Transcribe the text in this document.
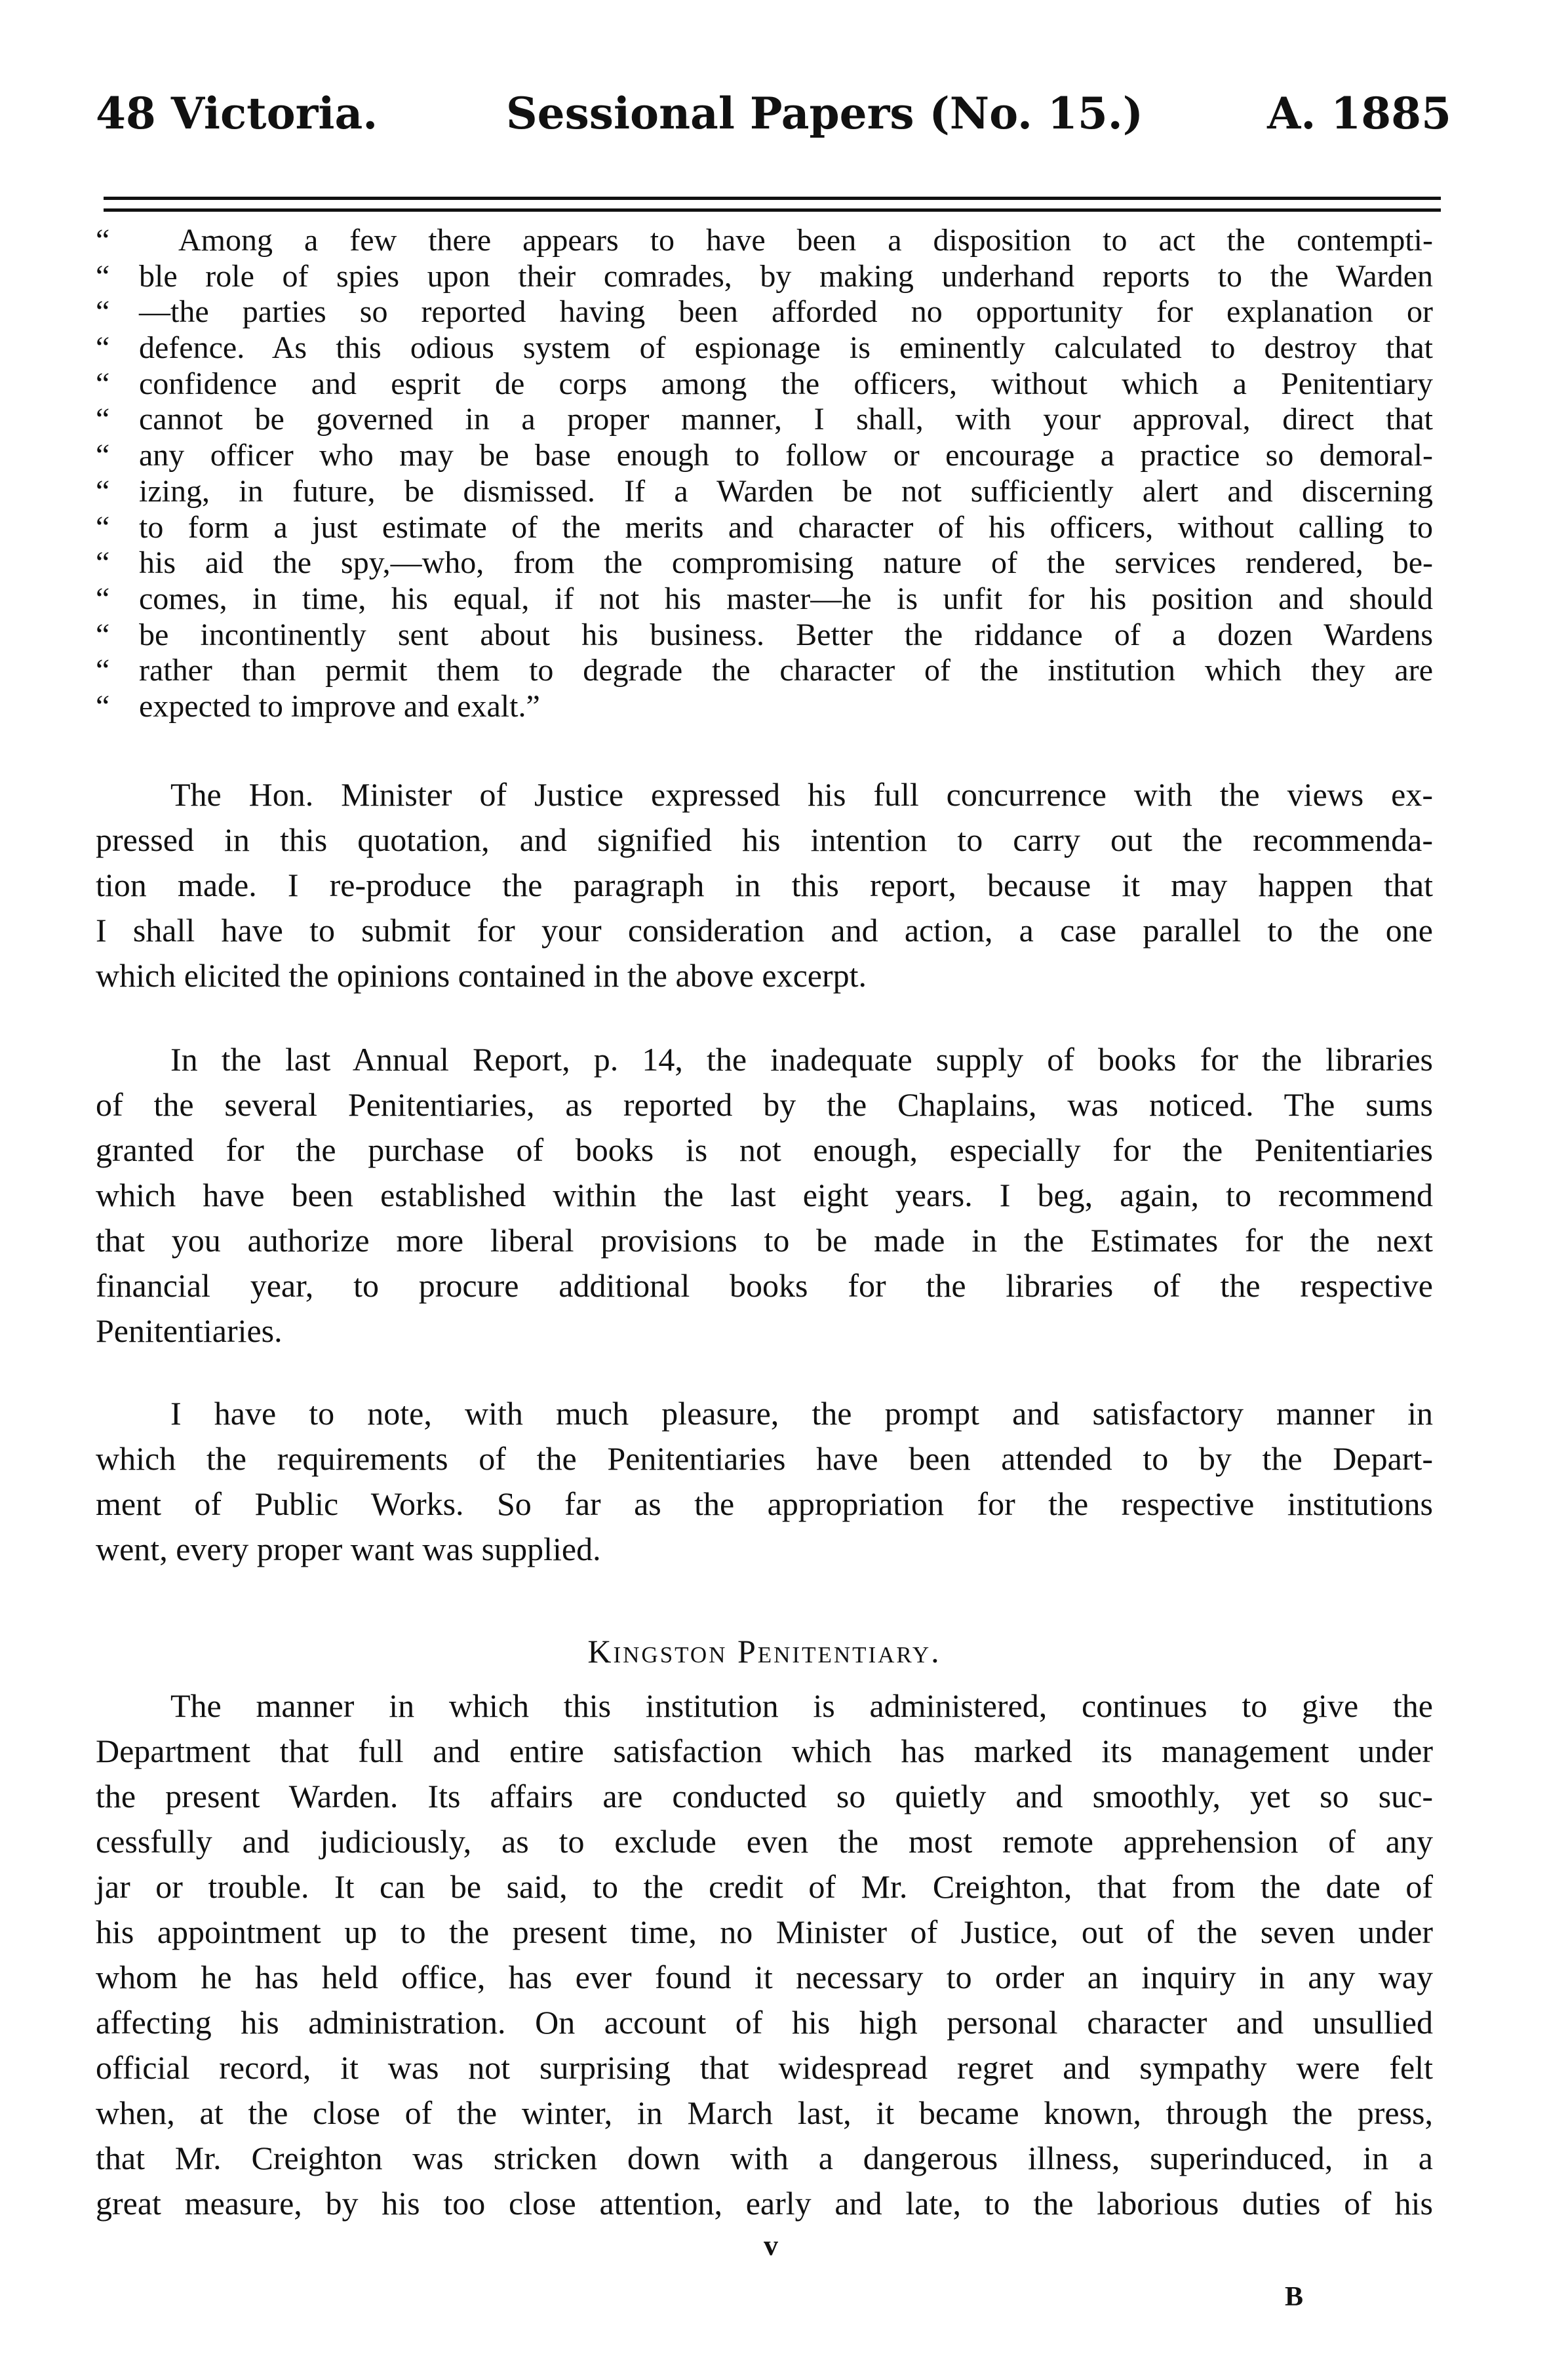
48 Victoria.	Sessional Papers (No. 15.)	A. 1885
“	Among a few there appears to have been a disposition to act the contempti-
“ ble role of spies upon their comrades, by making underhand reports to the Warden
“ —the parties so reported having been afforded no opportunity for explanation or
“ defence. As this odious system of espionage is eminently calculated to destroy that
“ confidence and esprit de corps among the officers, without which a Penitentiary
“ cannot be governed in a proper manner, I shall, with your approval, direct that
“ any officer who may be base enough to follow or encourage a practice so demoral-
“ izing, in future, be dismissed. If a Warden be not sufficiently alert and discerning
“ to form a just estimate of the merits and character of his officers, without calling to
“ his aid the spy,—who, from the compromising nature of the services rendered, be-
“ comes, in time, his equal, if not his master—he is unfit for his position and should
“ be incontinently sent about his business. Better the riddance of a dozen Wardens
“ rather than permit them to degrade the character of the institution which they are
“ expected to improve and exalt.”
The Hon. Minister of Justice expressed his full concurrence with the views ex-
pressed in this quotation, and signified his intention to carry out the recommenda-
tion made. I re-produce the paragraph in this report, because it may happen that
I shall have to submit for your consideration and action, a case parallel to the one
which elicited the opinions contained in the above excerpt.
In the last Annual Report, p. 14, the inadequate supply of books for the libraries
of the several Penitentiaries, as reported by the Chaplains, was noticed. The sums
granted for the purchase of books is not enough, especially for the Penitentiaries
which have been established within the last eight years. I beg, again, to recommend
that you authorize more liberal provisions to be made in the Estimates for the next
financial year, to procure additional books for the libraries of the respective
Penitentiaries.
I have to note, with much pleasure, the prompt and satisfactory manner in
which the requirements of the Penitentiaries have been attended to by the Depart-
ment of Public Works. So far as the appropriation for the respective institutions
went, every proper want was supplied.
Kingston Penitentiary.
The manner in which this institution is administered, continues to give the
Department that full and entire satisfaction which has marked its management under
the present Warden. Its affairs are conducted so quietly and smoothly, yet so suc-
cessfully and judiciously, as to exclude even the most remote apprehension of any
jar or trouble. It can be said, to the credit of Mr. Creighton, that from the date of
his appointment up to the present time, no Minister of Justice, out of the seven under
whom he has held office, has ever found it necessary to order an inquiry in any way
affecting his administration. On account of his high personal character and unsullied
official record, it was not surprising that widespread regret and sympathy were felt
when, at the close of the winter, in March last, it became known, through the press,
that Mr. Creighton was stricken down with a dangerous illness, superinduced, in a
great measure, by his too close attention, early and late, to the laborious duties of his
v
B
